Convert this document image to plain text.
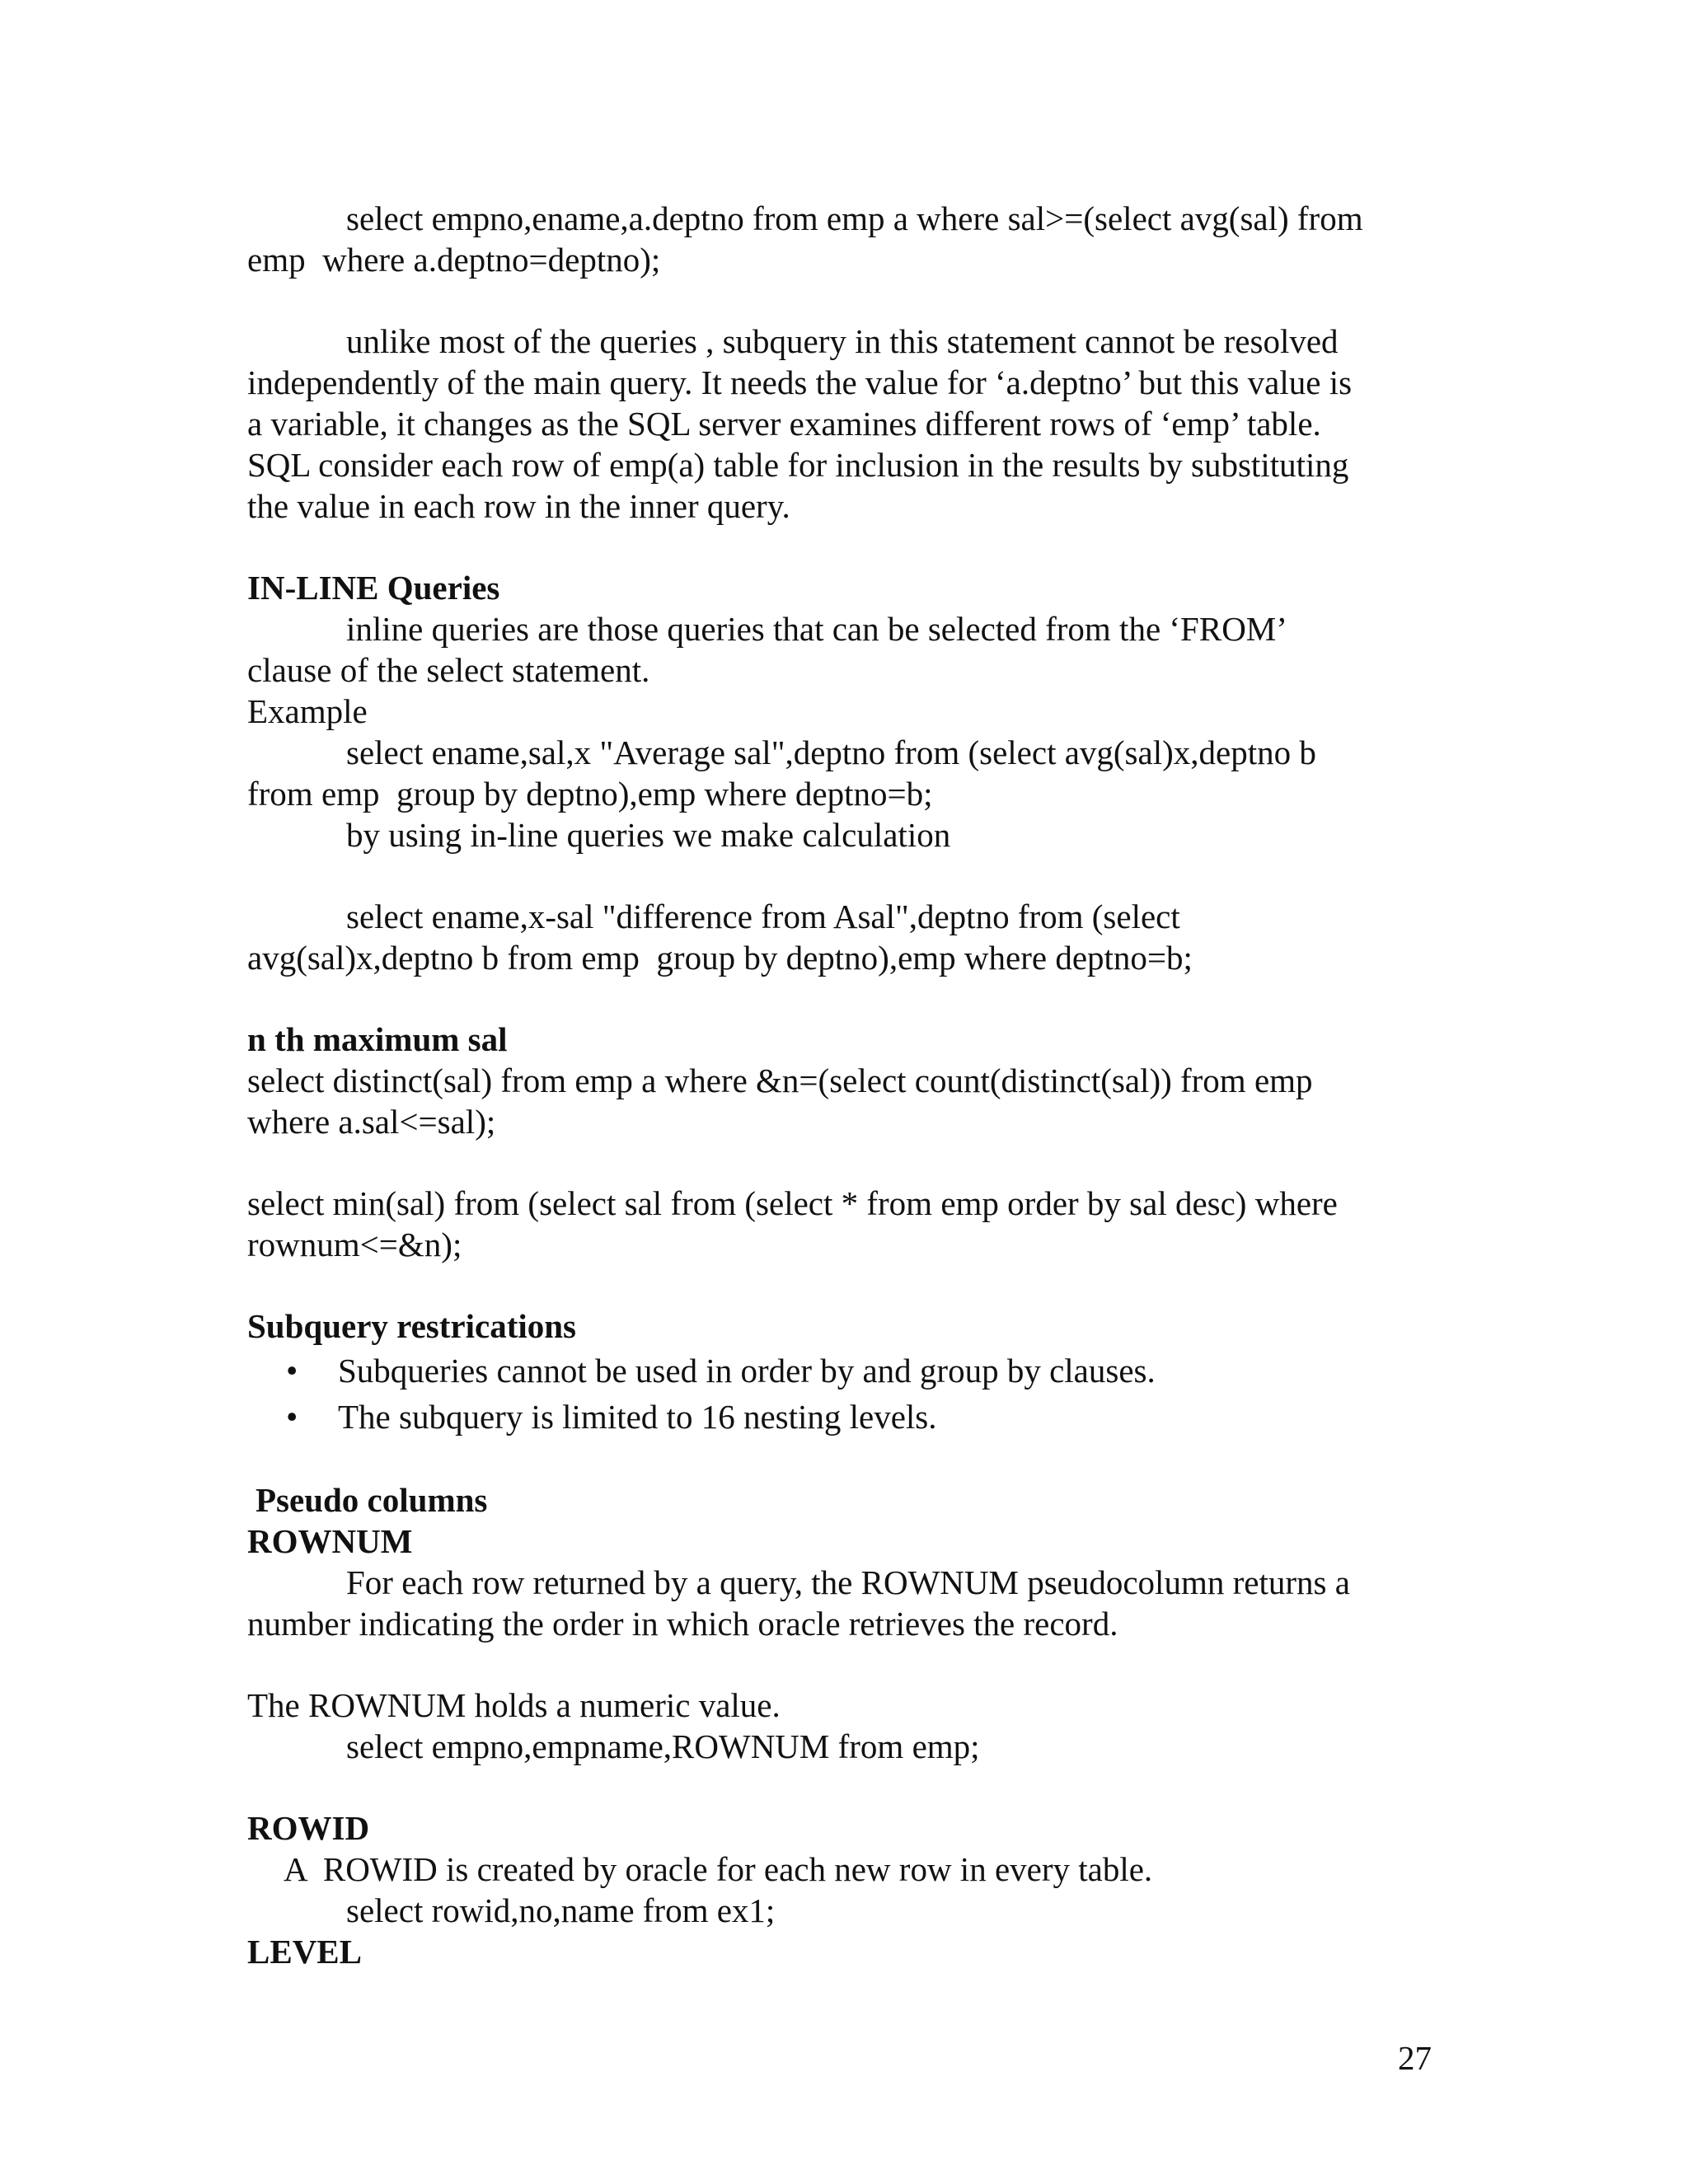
select empno,ename,a.deptno from emp a where sal>=(select avg(sal) from
emp  where a.deptno=deptno);
unlike most of the queries , subquery in this statement cannot be resolved
independently of the main query. It needs the value for ‘a.deptno’ but this value is
a variable, it changes as the SQL server examines different rows of ‘emp’ table.
SQL consider each row of emp(a) table for inclusion in the results by substituting
the value in each row in the inner query.
IN-LINE Queries
inline queries are those queries that can be selected from the ‘FROM’
clause of the select statement.
Example
select ename,sal,x "Average sal",deptno from (select avg(sal)x,deptno b
from emp  group by deptno),emp where deptno=b;
by using in-line queries we make calculation
select ename,x-sal "difference from Asal",deptno from (select
avg(sal)x,deptno b from emp  group by deptno),emp where deptno=b;
n th maximum sal
select distinct(sal) from emp a where &n=(select count(distinct(sal)) from emp
where a.sal<=sal);
select min(sal) from (select sal from (select * from emp order by sal desc) where
rownum<=&n);
Subquery restrications
• Subqueries cannot be used in order by and group by clauses.
• The subquery is limited to 16 nesting levels.
Pseudo columns
ROWNUM
For each row returned by a query, the ROWNUM pseudocolumn returns a
number indicating the order in which oracle retrieves the record.
The ROWNUM holds a numeric value.
select empno,empname,ROWNUM from emp;
ROWID
A  ROWID is created by oracle for each new row in every table.
select rowid,no,name from ex1;
LEVEL
27
